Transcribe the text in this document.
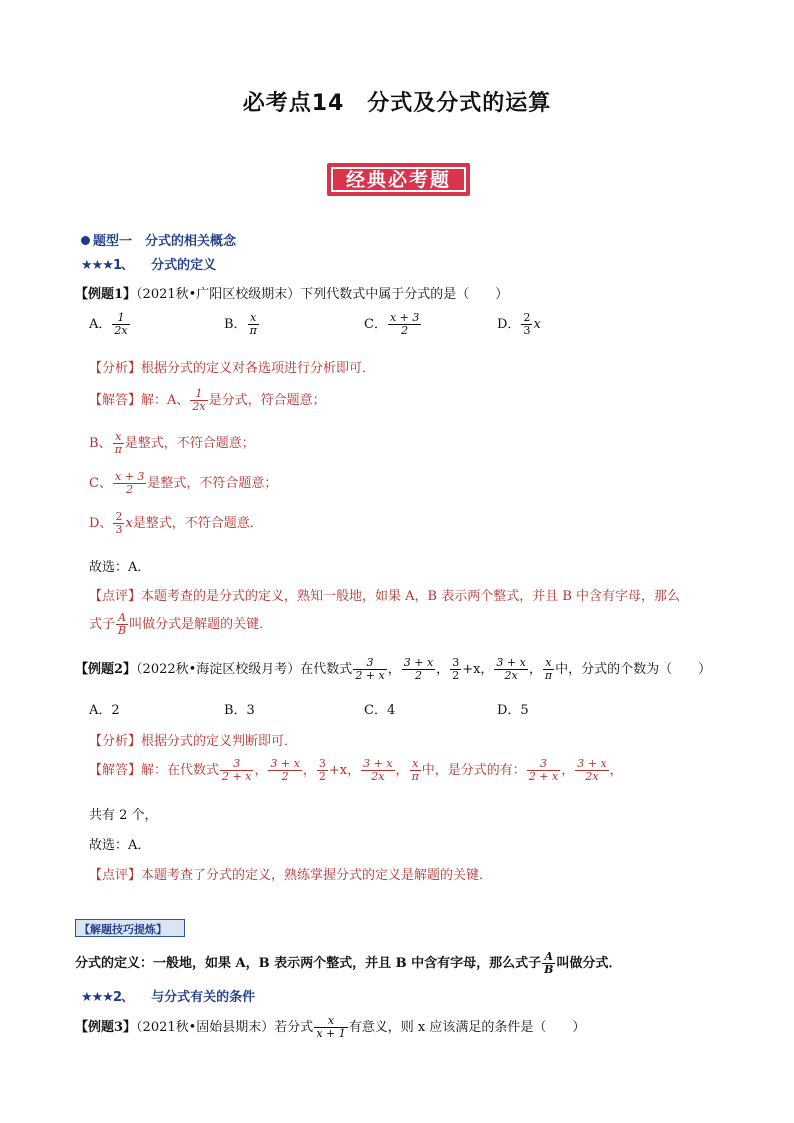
必考点14　分式及分式的运算
经典必考题
题型一　分式的相关概念
★★★1、 分式的定义
【例题1】（2021秋•广阳区校级期末）下列代数式中属于分式的是（　　）
A． $\frac{1}{2x}$	B． $\frac{x}{\pi}$	C． $\frac{x + 3}{2}$	D． $\frac{2}{3}$ x
【分析】根据分式的定义对各选项进行分析即可．
【解答】解：A、 $\frac{1}{2x}$ 是分式，符合题意；
B、 $\frac{x}{\pi}$ 是整式，不符合题意；
C、 $\frac{x + 3}{2}$ 是整式，不符合题意；
D、 $\frac{2}{3}$ x是整式，不符合题意．
故选：A．
【点评】本题考查的是分式的定义，熟知一般地，如果 A，B 表示两个整式，并且 B 中含有字母，那么
式子 $\frac{A}{B}$ 叫做分式是解题的关键．
【例题2】（2022秋•海淀区校级月考）在代数式 $\frac{3}{2 + x}$ ， $\frac{3 + x}{2}$ ， $\frac{3}{2} +x$， $\frac{3 + x}{2x}$ ， $\frac{x}{\pi}$ 中，分式的个数为（　　）
A．2	B．3	C．4	D．5
【分析】根据分式的定义判断即可．
【解答】解：在代数式 $\frac{3}{2 + x}$ ， $\frac{3 + x}{2}$ ， $\frac{3}{2} +x$， $\frac{3 + x}{2x}$ ， $\frac{x}{\pi}$ 中，是分式的有： $\frac{3}{2 + x}$ ， $\frac{3 + x}{2x}$ ，
共有 2 个，
故选：A．
【点评】本题考查了分式的定义，熟练掌握分式的定义是解题的关键．
【解题技巧提炼】
分式的定义：一般地，如果 A，B 表示两个整式，并且 B 中含有字母，那么式子 $\frac{A}{B}$ 叫做分式．
★★★2、 与分式有关的条件
【例题3】（2021秋•固始县期末）若分式 $\frac{x}{x + 1}$ 有意义，则 x 应该满足的条件是（　　）
